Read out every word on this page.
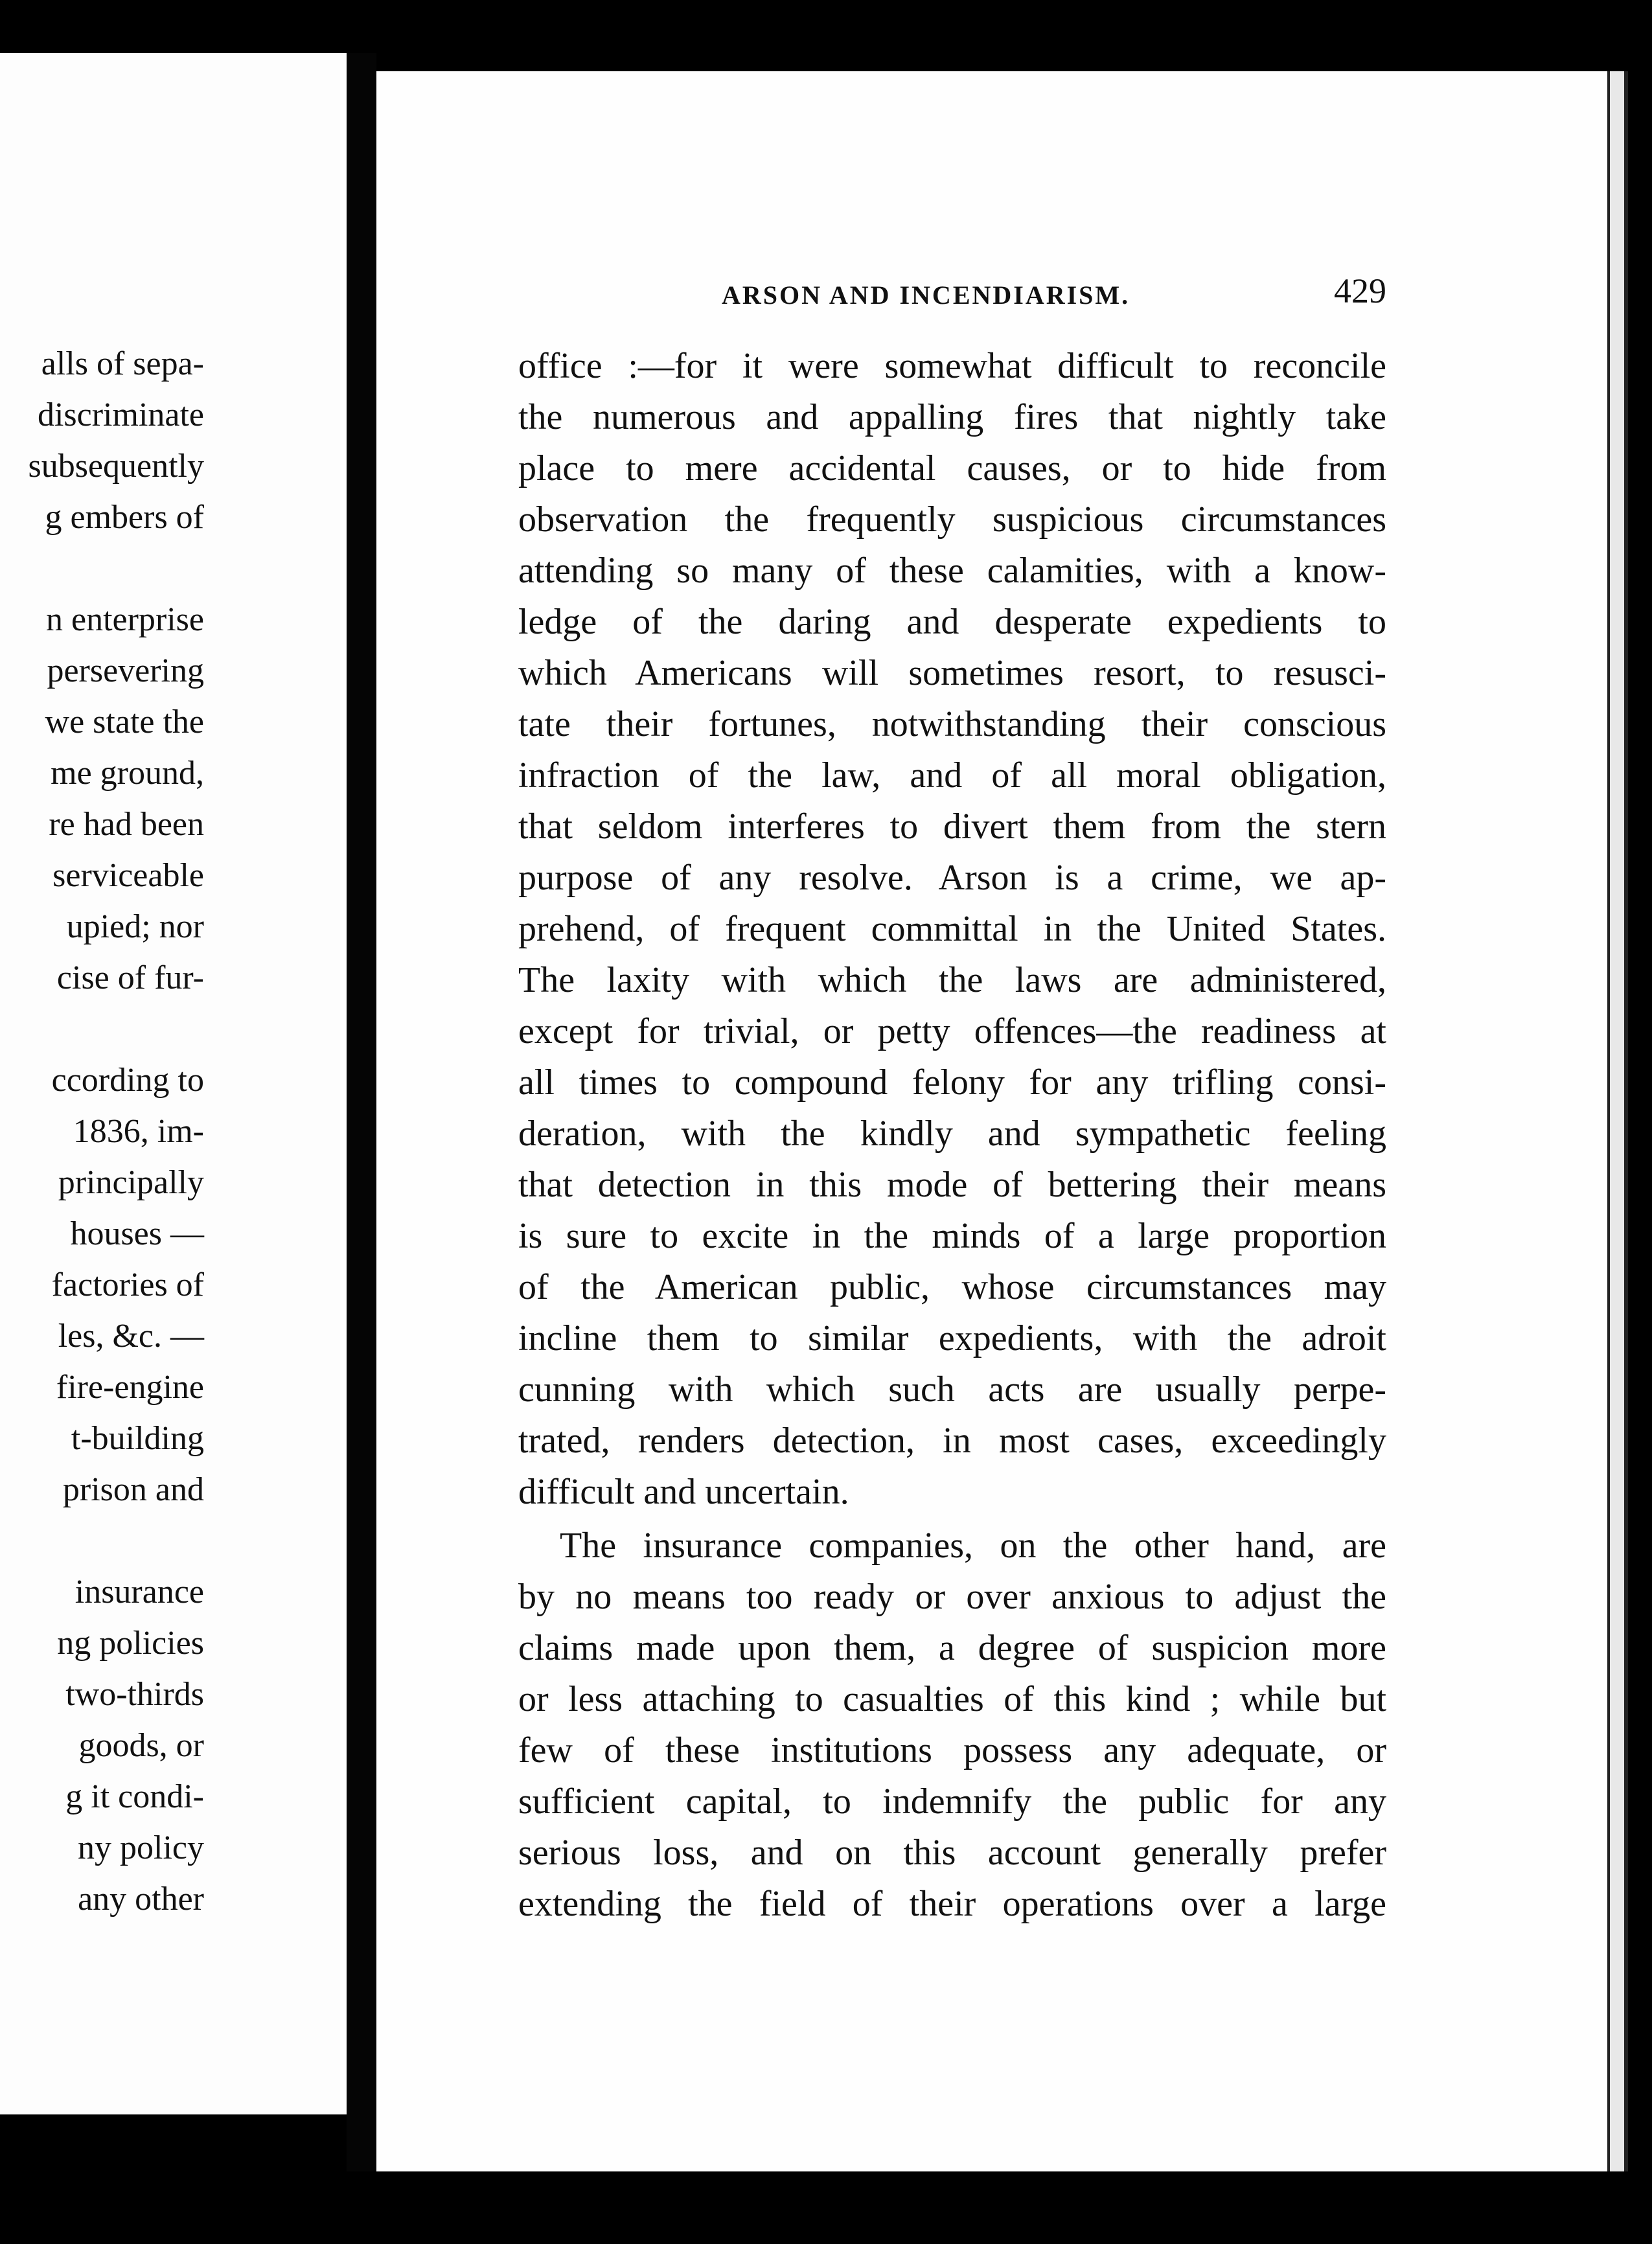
alls of sepa-
discriminate
subsequently
g embers of
n enterprise
persevering
we state the
me ground,
re had been
serviceable
upied; nor
cise of fur-
ccording to
1836, im-
principally
houses —
factories of
les, &c. —
fire-engine
t-building
prison and
insurance
ng policies
two-thirds
goods, or
g it condi-
ny policy
any other
ARSON AND INCENDIARISM.	429
office :—for it were somewhat difficult to reconcile
the numerous and appalling fires that nightly take
place to mere accidental causes, or to hide from
observation the frequently suspicious circumstances
attending so many of these calamities, with a know-
ledge of the daring and desperate expedients to
which Americans will sometimes resort, to resusci-
tate their fortunes, notwithstanding their conscious
infraction of the law, and of all moral obligation,
that seldom interferes to divert them from the stern
purpose of any resolve. Arson is a crime, we ap-
prehend, of frequent committal in the United States.
The laxity with which the laws are administered,
except for trivial, or petty offences—the readiness at
all times to compound felony for any trifling consi-
deration, with the kindly and sympathetic feeling
that detection in this mode of bettering their means
is sure to excite in the minds of a large proportion
of the American public, whose circumstances may
incline them to similar expedients, with the adroit
cunning with which such acts are usually perpe-
trated, renders detection, in most cases, exceedingly
difficult and uncertain.
The insurance companies, on the other hand, are
by no means too ready or over anxious to adjust the
claims made upon them, a degree of suspicion more
or less attaching to casualties of this kind ; while but
few of these institutions possess any adequate, or
sufficient capital, to indemnify the public for any
serious loss, and on this account generally prefer
extending the field of their operations over a large
